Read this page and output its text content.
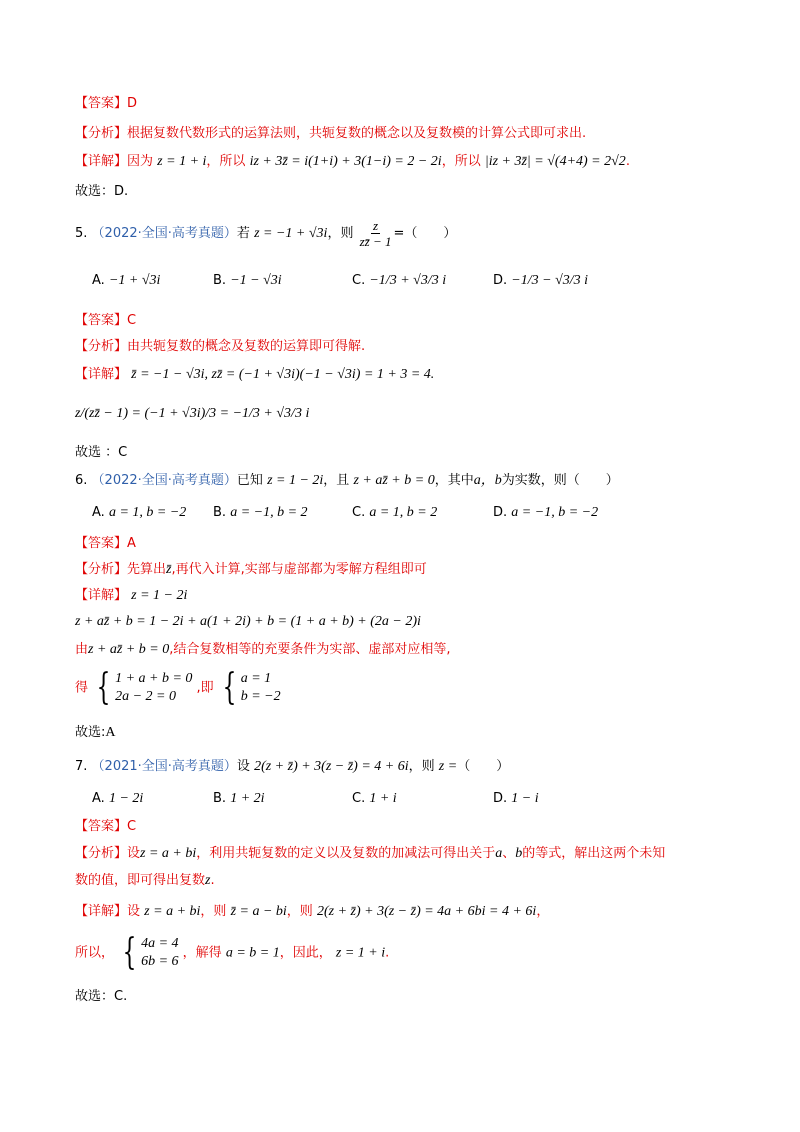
【答案】D
【分析】根据复数代数形式的运算法则，共轭复数的概念以及复数模的计算公式即可求出.
【详解】因为 z = 1 + i，所以 iz + 3z̄ = i(1+i) + 3(1−i) = 2 − 2i，所以 |iz + 3z̄| = √(4+4) = 2√2.
故选：D.
5. （2022·全国·高考真题）若 z = −1 + √3i，则 $\frac{z}{zz̄ - 1}$ =（　　）
A. −1 + √3i	B. −1 − √3i	C. −1/3 + √3/3 i	D. −1/3 − √3/3 i
【答案】C
【分析】由共轭复数的概念及复数的运算即可得解.
【详解】 z̄ = −1 − √3i, zz̄ = (−1 + √3i)(−1 − √3i) = 1 + 3 = 4.
z/(zz̄ − 1) = (−1 + √3i)/3 = −1/3 + √3/3 i
故选 ：C
6. （2022·全国·高考真题）已知 z = 1 − 2i，且 z + az̄ + b = 0，其中a，b为实数，则（　　）
A. a = 1, b = −2 B. a = −1, b = 2	C. a = 1, b = 2	D. a = −1, b = −2
【答案】A
【分析】先算出z̄,再代入计算,实部与虚部都为零解方程组即可
【详解】 z = 1 − 2i
z + az̄ + b = 1 − 2i + a(1 + 2i) + b = (1 + a + b) + (2a − 2)i
由z + az̄ + b = 0,结合复数相等的充要条件为实部、虚部对应相等,
得 { 1 + a + b = 0
2a − 2 = 0
,即 { a = 1
b = −2
故选:A
7. （2021·全国·高考真题）设 2(z + z̄) + 3(z − z̄) = 4 + 6i，则 z =（　　）
A. 1 − 2i	B. 1 + 2i	C. 1 + i	D. 1 − i
【答案】C
【分析】设z = a + bi，利用共轭复数的定义以及复数的加减法可得出关于a、b的等式，解出这两个未知
数的值，即可得出复数z.
【详解】设 z = a + bi，则 z̄ = a − bi，则 2(z + z̄) + 3(z − z̄) = 4a + 6bi = 4 + 6i，
所以， { 4a = 4
6b = 6
，解得 a = b = 1，因此， z = 1 + i.
故选：C.
